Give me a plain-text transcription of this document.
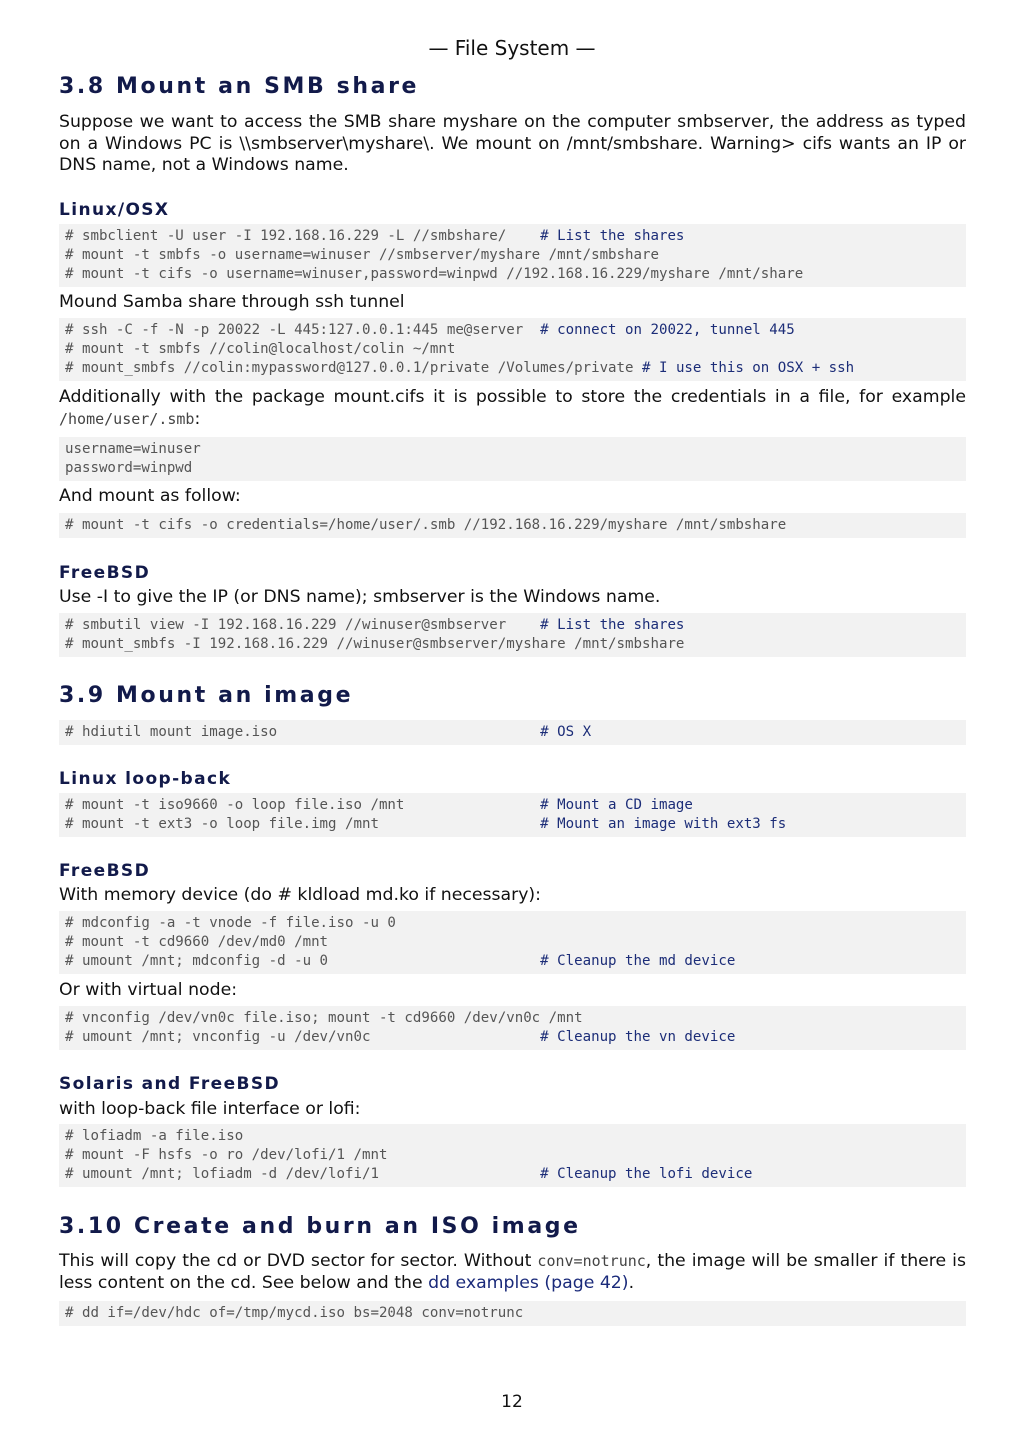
— File System —
3.8 Mount an SMB share

Suppose we want to access the SMB share myshare on the computer smbserver, the address as typed on a Windows PC is \\smbserver\myshare\. We mount on /mnt/smbshare. Warning> cifs wants an IP or DNS name, not a Windows name.

Linux/OSX
# smbclient -U user -I 192.168.16.229 -L //smbshare/    # List the shares
# mount -t smbfs -o username=winuser //smbserver/myshare /mnt/smbshare
# mount -t cifs -o username=winuser,password=winpwd //192.168.16.229/myshare /mnt/share

Mound Samba share through ssh tunnel

# ssh -C -f -N -p 20022 -L 445:127.0.0.1:445 me@server  # connect on 20022, tunnel 445
# mount -t smbfs //colin@localhost/colin ~/mnt
# mount_smbfs //colin:mypassword@127.0.0.1/private /Volumes/private # I use this on OSX + ssh

Additionally with the package mount.cifs it is possible to store the credentials in a file, for example /home/user/.smb:

username=winuser
password=winpwd

And mount as follow:

# mount -t cifs -o credentials=/home/user/.smb //192.168.16.229/myshare /mnt/smbshare
FreeBSD

Use -I to give the IP (or DNS name); smbserver is the Windows name.

# smbutil view -I 192.168.16.229 //winuser@smbserver    # List the shares
# mount_smbfs -I 192.168.16.229 //winuser@smbserver/myshare /mnt/smbshare
3.9 Mount an image
# hdiutil mount image.iso                               # OS X
Linux loop-back
# mount -t iso9660 -o loop file.iso /mnt                # Mount a CD image
# mount -t ext3 -o loop file.img /mnt                   # Mount an image with ext3 fs
FreeBSD

With memory device (do # kldload md.ko if necessary):

# mdconfig -a -t vnode -f file.iso -u 0
# mount -t cd9660 /dev/md0 /mnt
# umount /mnt; mdconfig -d -u 0                         # Cleanup the md device

Or with virtual node:

# vnconfig /dev/vn0c file.iso; mount -t cd9660 /dev/vn0c /mnt
# umount /mnt; vnconfig -u /dev/vn0c                    # Cleanup the vn device
Solaris and FreeBSD

with loop-back file interface or lofi:

# lofiadm -a file.iso
# mount -F hsfs -o ro /dev/lofi/1 /mnt
# umount /mnt; lofiadm -d /dev/lofi/1                   # Cleanup the lofi device
3.10 Create and burn an ISO image

This will copy the cd or DVD sector for sector. Without conv=notrunc, the image will be smaller if there is less content on the cd. See below and the dd examples (page 42).

# dd if=/dev/hdc of=/tmp/mycd.iso bs=2048 conv=notrunc
12
